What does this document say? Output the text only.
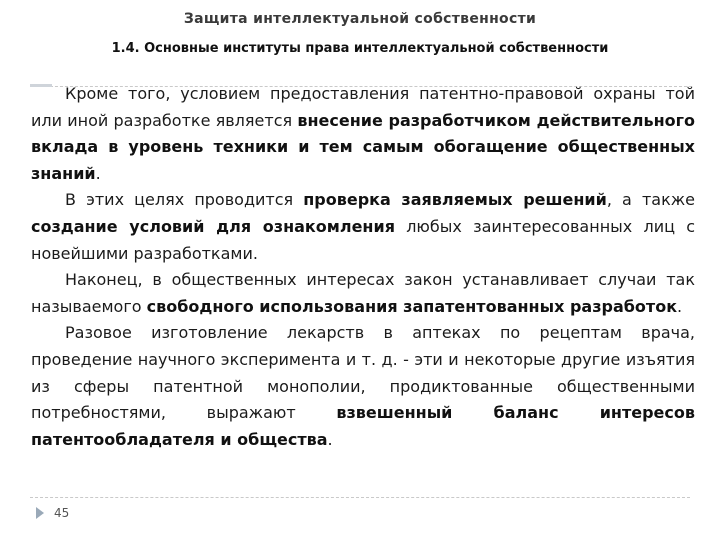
Защита интеллектуальной собственности
1.4. Основные институты права интеллектуальной собственности

Кроме того, условием предоставления патентно-правовой охраны той или иной разработке является внесение разработчиком действительного вклада в уровень техники и тем самым обогащение общественных знаний.

В этих целях проводится проверка заявляемых решений, а также создание условий для ознакомления любых заинтересованных лиц с новейшими разработками.

Наконец, в общественных интересах закон устанавливает случаи так называемого свободного использования запатентованных разработок.

Разовое изготовление лекарств в аптеках по рецептам врача, проведение научного эксперимента и т. д. - эти и некоторые другие изъятия из сферы патентной монополии, продиктованные общественными потребностями, выражают взвешенный баланс интересов патентообладателя и общества.

45
